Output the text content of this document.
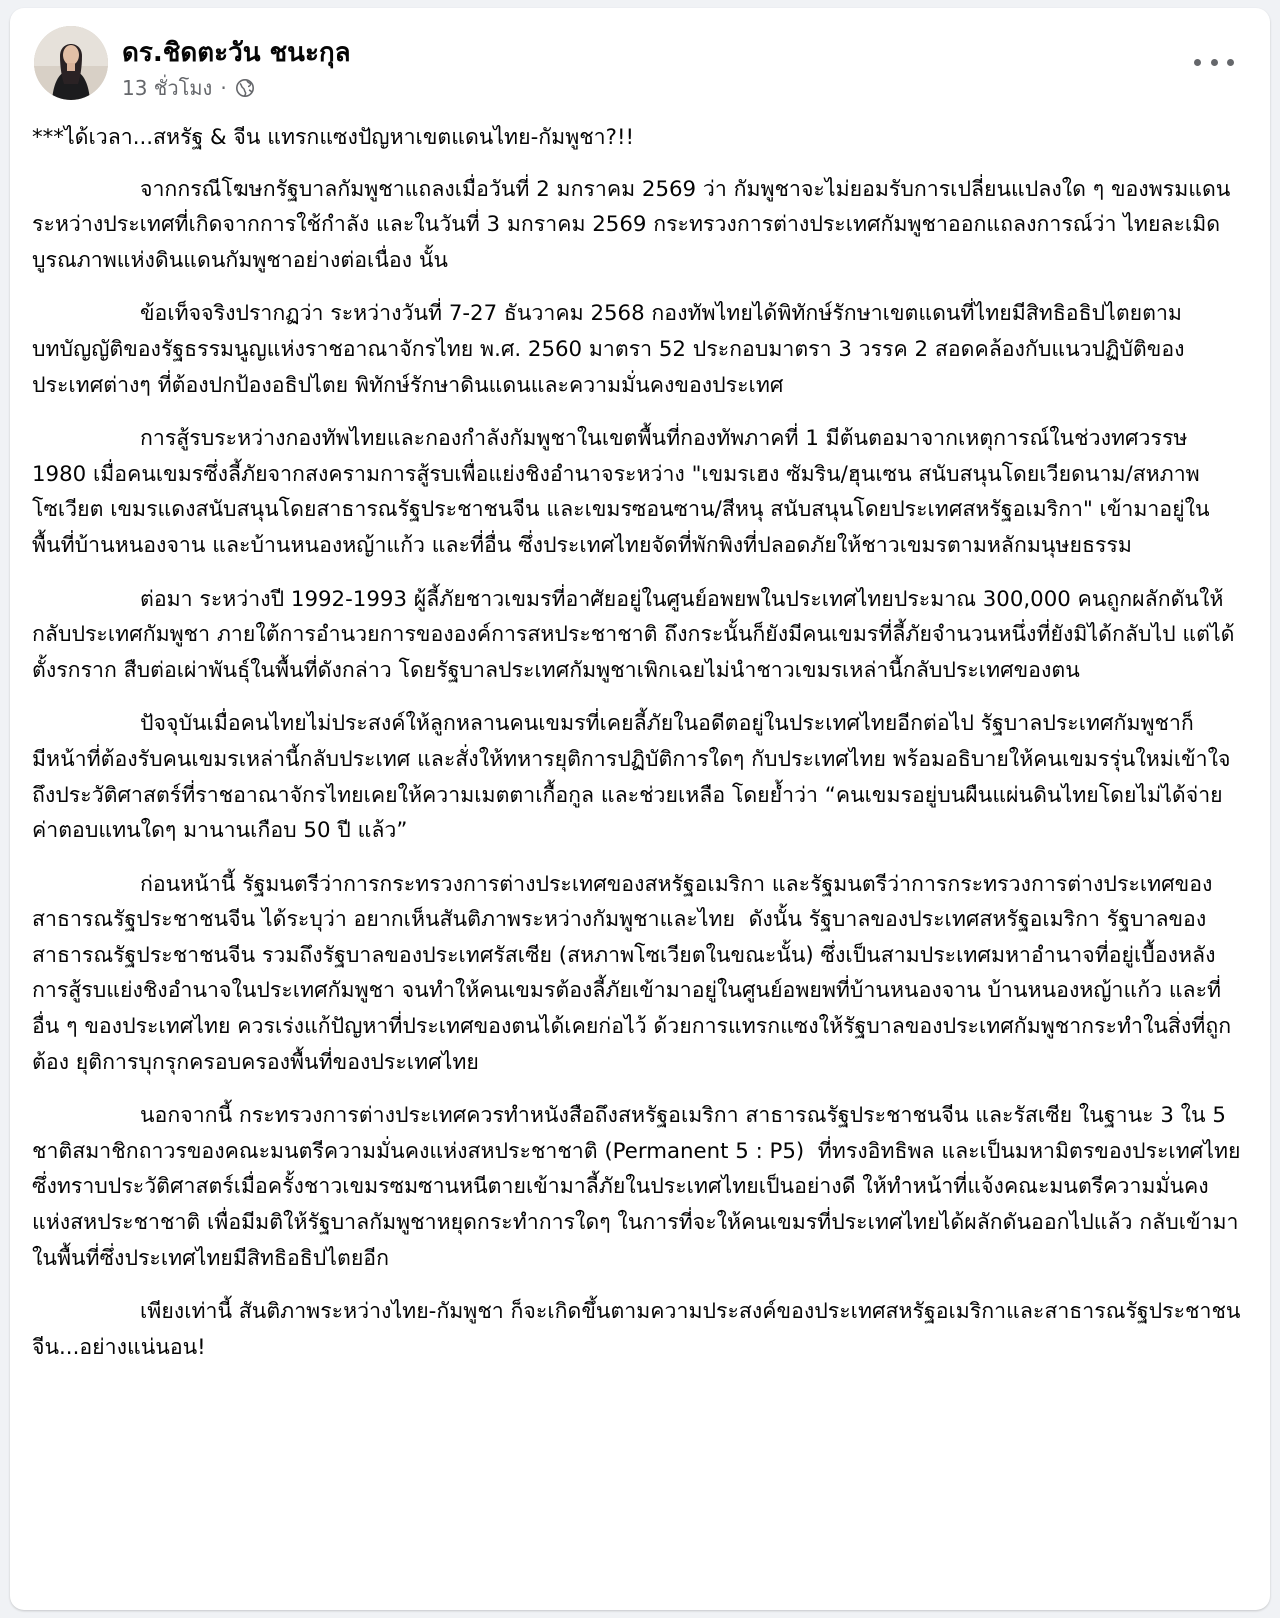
ดร.ชิดตะวัน ชนะกุล
13 ชั่วโมง ·

***ได้เวลา...สหรัฐ & จีน แทรกแซงปัญหาเขตแดนไทย-กัมพูชา?!!

จากกรณีโฆษกรัฐบาลกัมพูชาแถลงเมื่อวันที่ 2 มกราคม 2569 ว่า กัมพูชาจะไม่ยอมรับการเปลี่ยนแปลงใด ๆ ของพรมแดนระหว่างประเทศที่เกิดจากการใช้กำลัง และในวันที่ 3 มกราคม 2569 กระทรวงการต่างประเทศกัมพูชาออกแถลงการณ์ว่า ไทยละเมิดบูรณภาพแห่งดินแดนกัมพูชาอย่างต่อเนื่อง นั้น

ข้อเท็จจริงปรากฏว่า ระหว่างวันที่ 7-27 ธันวาคม 2568 กองทัพไทยได้พิทักษ์รักษาเขตแดนที่ไทยมีสิทธิอธิปไตยตามบทบัญญัติของรัฐธรรมนูญแห่งราชอาณาจักรไทย พ.ศ. 2560 มาตรา 52 ประกอบมาตรา 3 วรรค 2 สอดคล้องกับแนวปฏิบัติของประเทศต่างๆ ที่ต้องปกป้องอธิปไตย พิทักษ์รักษาดินแดนและความมั่นคงของประเทศ

การสู้รบระหว่างกองทัพไทยและกองกำลังกัมพูชาในเขตพื้นที่กองทัพภาคที่ 1 มีต้นตอมาจากเหตุการณ์ในช่วงทศวรรษ 1980 เมื่อคนเขมรซึ่งลี้ภัยจากสงครามการสู้รบเพื่อแย่งชิงอำนาจระหว่าง "เขมรเฮง ซัมริน/ฮุนเซน สนับสนุนโดยเวียดนาม/สหภาพโซเวียต เขมรแดงสนับสนุนโดยสาธารณรัฐประชาชนจีน และเขมรซอนซาน/สีหนุ สนับสนุนโดยประเทศสหรัฐอเมริกา" เข้ามาอยู่ในพื้นที่บ้านหนองจาน และบ้านหนองหญ้าแก้ว และที่อื่น ซึ่งประเทศไทยจัดที่พักพิงที่ปลอดภัยให้ชาวเขมรตามหลักมนุษยธรรม

ต่อมา ระหว่างปี 1992-1993 ผู้ลี้ภัยชาวเขมรที่อาศัยอยู่ในศูนย์อพยพในประเทศไทยประมาณ 300,000 คนถูกผลักดันให้กลับประเทศกัมพูชา ภายใต้การอำนวยการขององค์การสหประชาชาติ ถึงกระนั้นก็ยังมีคนเขมรที่ลี้ภัยจำนวนหนึ่งที่ยังมิได้กลับไป แต่ได้ตั้งรกราก สืบต่อเผ่าพันธุ์ในพื้นที่ดังกล่าว โดยรัฐบาลประเทศกัมพูชาเพิกเฉยไม่นำชาวเขมรเหล่านี้กลับประเทศของตน

ปัจจุบันเมื่อคนไทยไม่ประสงค์ให้ลูกหลานคนเขมรที่เคยลี้ภัยในอดีตอยู่ในประเทศไทยอีกต่อไป รัฐบาลประเทศกัมพูชาก็มีหน้าที่ต้องรับคนเขมรเหล่านี้กลับประเทศ และสั่งให้ทหารยุติการปฏิบัติการใดๆ กับประเทศไทย พร้อมอธิบายให้คนเขมรรุ่นใหม่เข้าใจถึงประวัติศาสตร์ที่ราชอาณาจักรไทยเคยให้ความเมตตาเกื้อกูล และช่วยเหลือ โดยย้ำว่า “คนเขมรอยู่บนผืนแผ่นดินไทยโดยไม่ได้จ่ายค่าตอบแทนใดๆ มานานเกือบ 50 ปี แล้ว”

ก่อนหน้านี้ รัฐมนตรีว่าการกระทรวงการต่างประเทศของสหรัฐอเมริกา และรัฐมนตรีว่าการกระทรวงการต่างประเทศของสาธารณรัฐประชาชนจีน ได้ระบุว่า อยากเห็นสันติภาพระหว่างกัมพูชาและไทย  ดังนั้น รัฐบาลของประเทศสหรัฐอเมริกา รัฐบาลของสาธารณรัฐประชาชนจีน รวมถึงรัฐบาลของประเทศรัสเซีย (สหภาพโซเวียตในขณะนั้น) ซึ่งเป็นสามประเทศมหาอำนาจที่อยู่เบื้องหลังการสู้รบแย่งชิงอำนาจในประเทศกัมพูชา จนทำให้คนเขมรต้องลี้ภัยเข้ามาอยู่ในศูนย์อพยพที่บ้านหนองจาน บ้านหนองหญ้าแก้ว และที่อื่น ๆ ของประเทศไทย ควรเร่งแก้ปัญหาที่ประเทศของตนได้เคยก่อไว้ ด้วยการแทรกแซงให้รัฐบาลของประเทศกัมพูชากระทำในสิ่งที่ถูกต้อง ยุติการบุกรุกครอบครองพื้นที่ของประเทศไทย

นอกจากนี้ กระทรวงการต่างประเทศควรทำหนังสือถึงสหรัฐอเมริกา สาธารณรัฐประชาชนจีน และรัสเซีย ในฐานะ 3 ใน 5 ชาติสมาชิกถาวรของคณะมนตรีความมั่นคงแห่งสหประชาชาติ (Permanent 5 : P5)  ที่ทรงอิทธิพล และเป็นมหามิตรของประเทศไทย ซึ่งทราบประวัติศาสตร์เมื่อครั้งชาวเขมรซมซานหนีตายเข้ามาลี้ภัยในประเทศไทยเป็นอย่างดี ให้ทำหน้าที่แจ้งคณะมนตรีความมั่นคงแห่งสหประชาชาติ เพื่อมีมติให้รัฐบาลกัมพูชาหยุดกระทำการใดๆ ในการที่จะให้คนเขมรที่ประเทศไทยได้ผลักดันออกไปแล้ว กลับเข้ามาในพื้นที่ซึ่งประเทศไทยมีสิทธิอธิปไตยอีก

เพียงเท่านี้ สันติภาพระหว่างไทย-กัมพูชา ก็จะเกิดขึ้นตามความประสงค์ของประเทศสหรัฐอเมริกาและสาธารณรัฐประชาชนจีน...อย่างแน่นอน!
